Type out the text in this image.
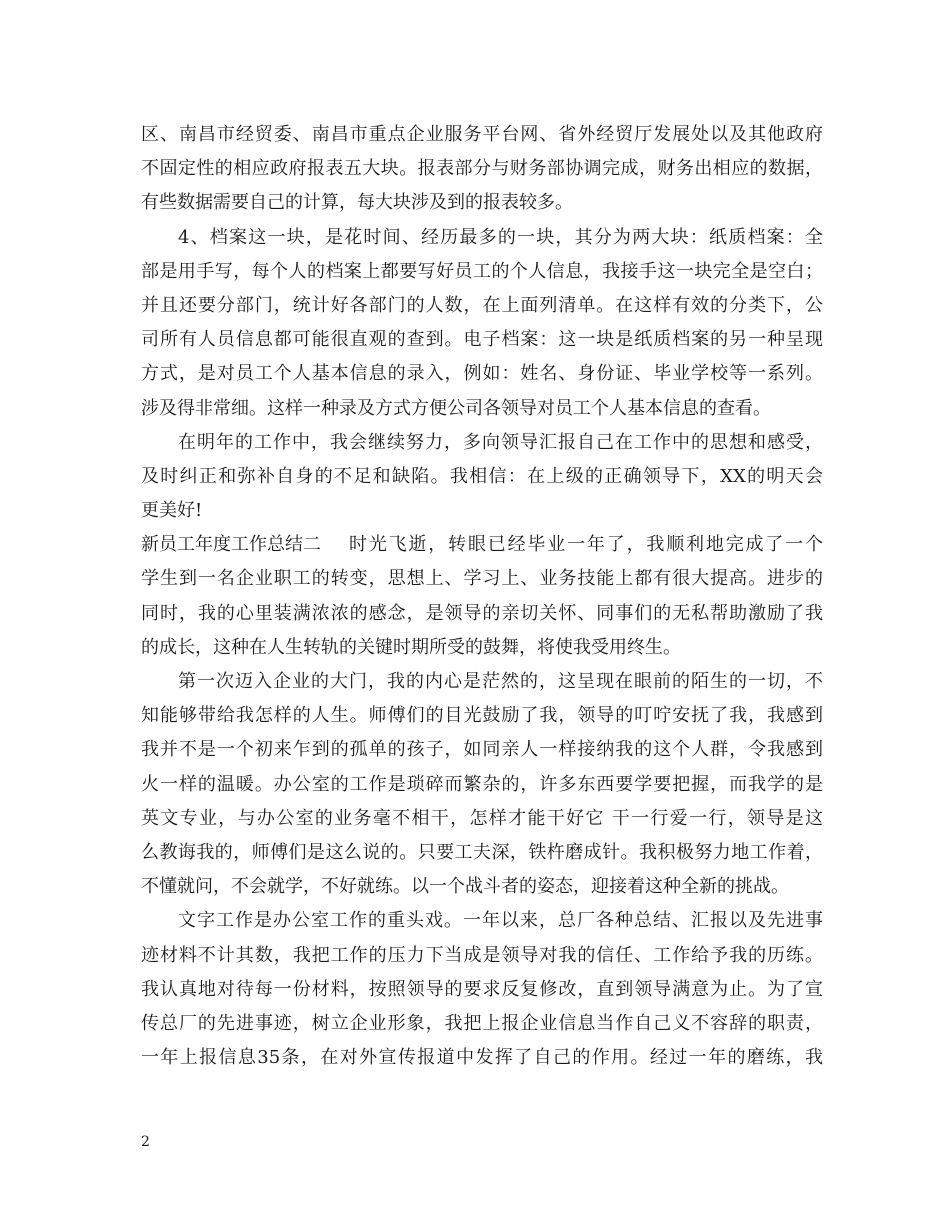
区、南昌市经贸委、南昌市重点企业服务平台网、省外经贸厅发展处以及其他政府
不固定性的相应政府报表五大块。报表部分与财务部协调完成，财务出相应的数据，
有些数据需要自己的计算，每大块涉及到的报表较多。
4、档案这一块，是花时间、经历最多的一块，其分为两大块：纸质档案：全
部是用手写，每个人的档案上都要写好员工的个人信息，我接手这一块完全是空白；
并且还要分部门，统计好各部门的人数，在上面列清单。在这样有效的分类下，公
司所有人员信息都可能很直观的查到。电子档案：这一块是纸质档案的另一种呈现
方式，是对员工个人基本信息的录入，例如：姓名、身份证、毕业学校等一系列。
涉及得非常细。这样一种录及方式方便公司各领导对员工个人基本信息的查看。
在明年的工作中，我会继续努力，多向领导汇报自己在工作中的思想和感受，
及时纠正和弥补自身的不足和缺陷。我相信：在上级的正确领导下，XX的明天会
更美好!
新员工年度工作总结二	时光飞逝，转眼已经毕业一年了，我顺利地完成了一个
学生到一名企业职工的转变，思想上、学习上、业务技能上都有很大提高。进步的
同时，我的心里装满浓浓的感念，是领导的亲切关怀、同事们的无私帮助激励了我
的成长，这种在人生转轨的关键时期所受的鼓舞，将使我受用终生。
第一次迈入企业的大门，我的内心是茫然的，这呈现在眼前的陌生的一切，不
知能够带给我怎样的人生。师傅们的目光鼓励了我，领导的叮咛安抚了我，我感到
我并不是一个初来乍到的孤单的孩子，如同亲人一样接纳我的这个人群，令我感到
火一样的温暖。办公室的工作是琐碎而繁杂的，许多东西要学要把握，而我学的是
英文专业，与办公室的业务毫不相干，怎样才能干好它 干一行爱一行，领导是这
么教诲我的，师傅们是这么说的。只要工夫深，铁杵磨成针。我积极努力地工作着，
不懂就问，不会就学，不好就练。以一个战斗者的姿态，迎接着这种全新的挑战。
文字工作是办公室工作的重头戏。一年以来，总厂各种总结、汇报以及先进事
迹材料不计其数，我把工作的压力下当成是领导对我的信任、工作给予我的历练。
我认真地对待每一份材料，按照领导的要求反复修改，直到领导满意为止。为了宣
传总厂的先进事迹，树立企业形象，我把上报企业信息当作自己义不容辞的职责，
一年上报信息35条，在对外宣传报道中发挥了自己的作用。经过一年的磨练，我
2
